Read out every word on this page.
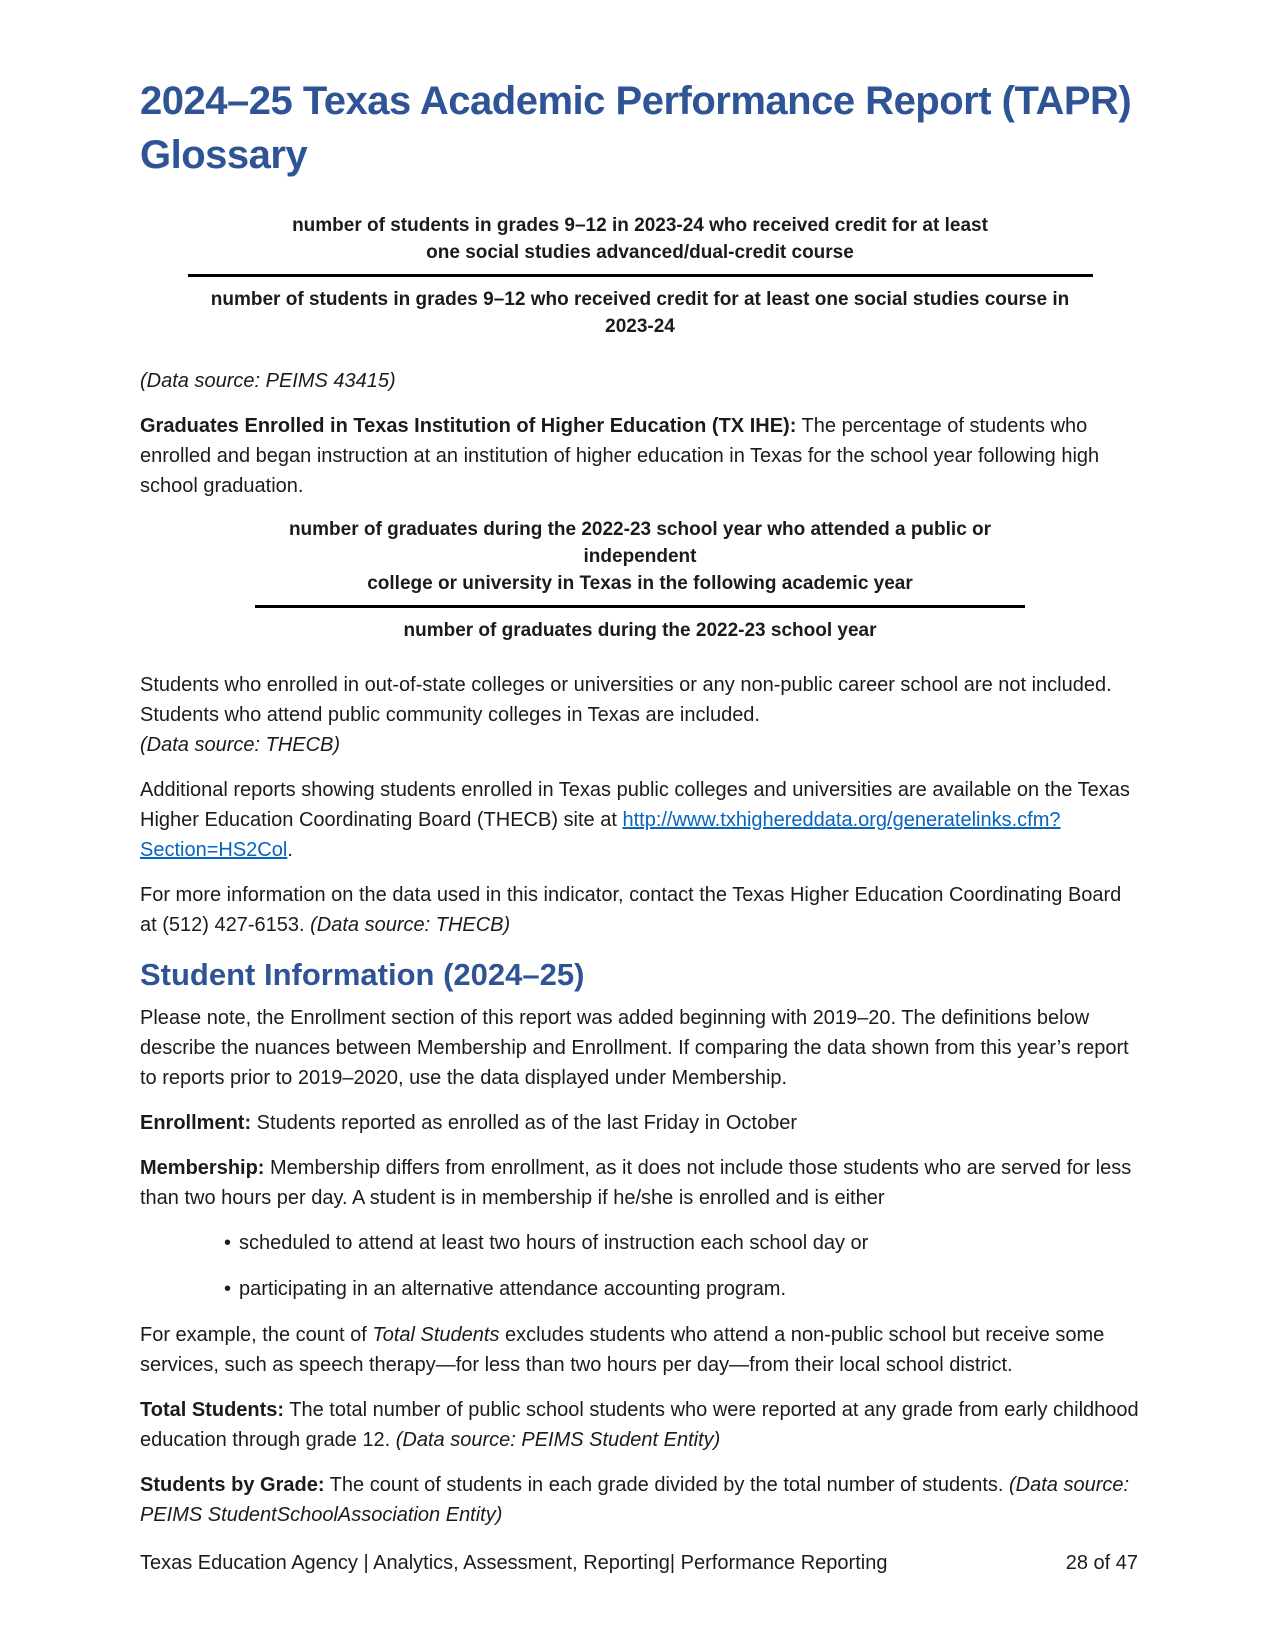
2024–25 Texas Academic Performance Report (TAPR) Glossary
number of students in grades 9–12 in 2023-24 who received credit for at least
one social studies advanced/dual-credit course
number of students in grades 9–12 who received credit for at least one social studies course in 2023-24

(Data source: PEIMS 43415)

Graduates Enrolled in Texas Institution of Higher Education (TX IHE): The percentage of students who enrolled and began instruction at an institution of higher education in Texas for the school year following high school graduation.

number of graduates during the 2022-23 school year who attended a public or independent
college or university in Texas in the following academic year
number of graduates during the 2022-23 school year

Students who enrolled in out-of-state colleges or universities or any non-public career school are not included. Students who attend public community colleges in Texas are included.
(Data source: THECB)

Additional reports showing students enrolled in Texas public colleges and universities are available on the Texas Higher Education Coordinating Board (THECB) site at http://www.txhighereddata.org/generatelinks.cfm?Section=HS2Col.

For more information on the data used in this indicator, contact the Texas Higher Education Coordinating Board at (512) 427-6153. (Data source: THECB)

Student Information (2024–25)

Please note, the Enrollment section of this report was added beginning with 2019–20. The definitions below describe the nuances between Membership and Enrollment. If comparing the data shown from this year’s report to reports prior to 2019–2020, use the data displayed under Membership.

Enrollment: Students reported as enrolled as of the last Friday in October

Membership: Membership differs from enrollment, as it does not include those students who are served for less than two hours per day. A student is in membership if he/she is enrolled and is either

• scheduled to attend at least two hours of instruction each school day or

• participating in an alternative attendance accounting program.

For example, the count of Total Students excludes students who attend a non-public school but receive some services, such as speech therapy—for less than two hours per day—from their local school district.

Total Students: The total number of public school students who were reported at any grade from early childhood education through grade 12. (Data source: PEIMS Student Entity)

Students by Grade: The count of students in each grade divided by the total number of students. (Data source: PEIMS StudentSchoolAssociation Entity)

Texas Education Agency | Analytics, Assessment, Reporting| Performance Reporting	28 of 47
